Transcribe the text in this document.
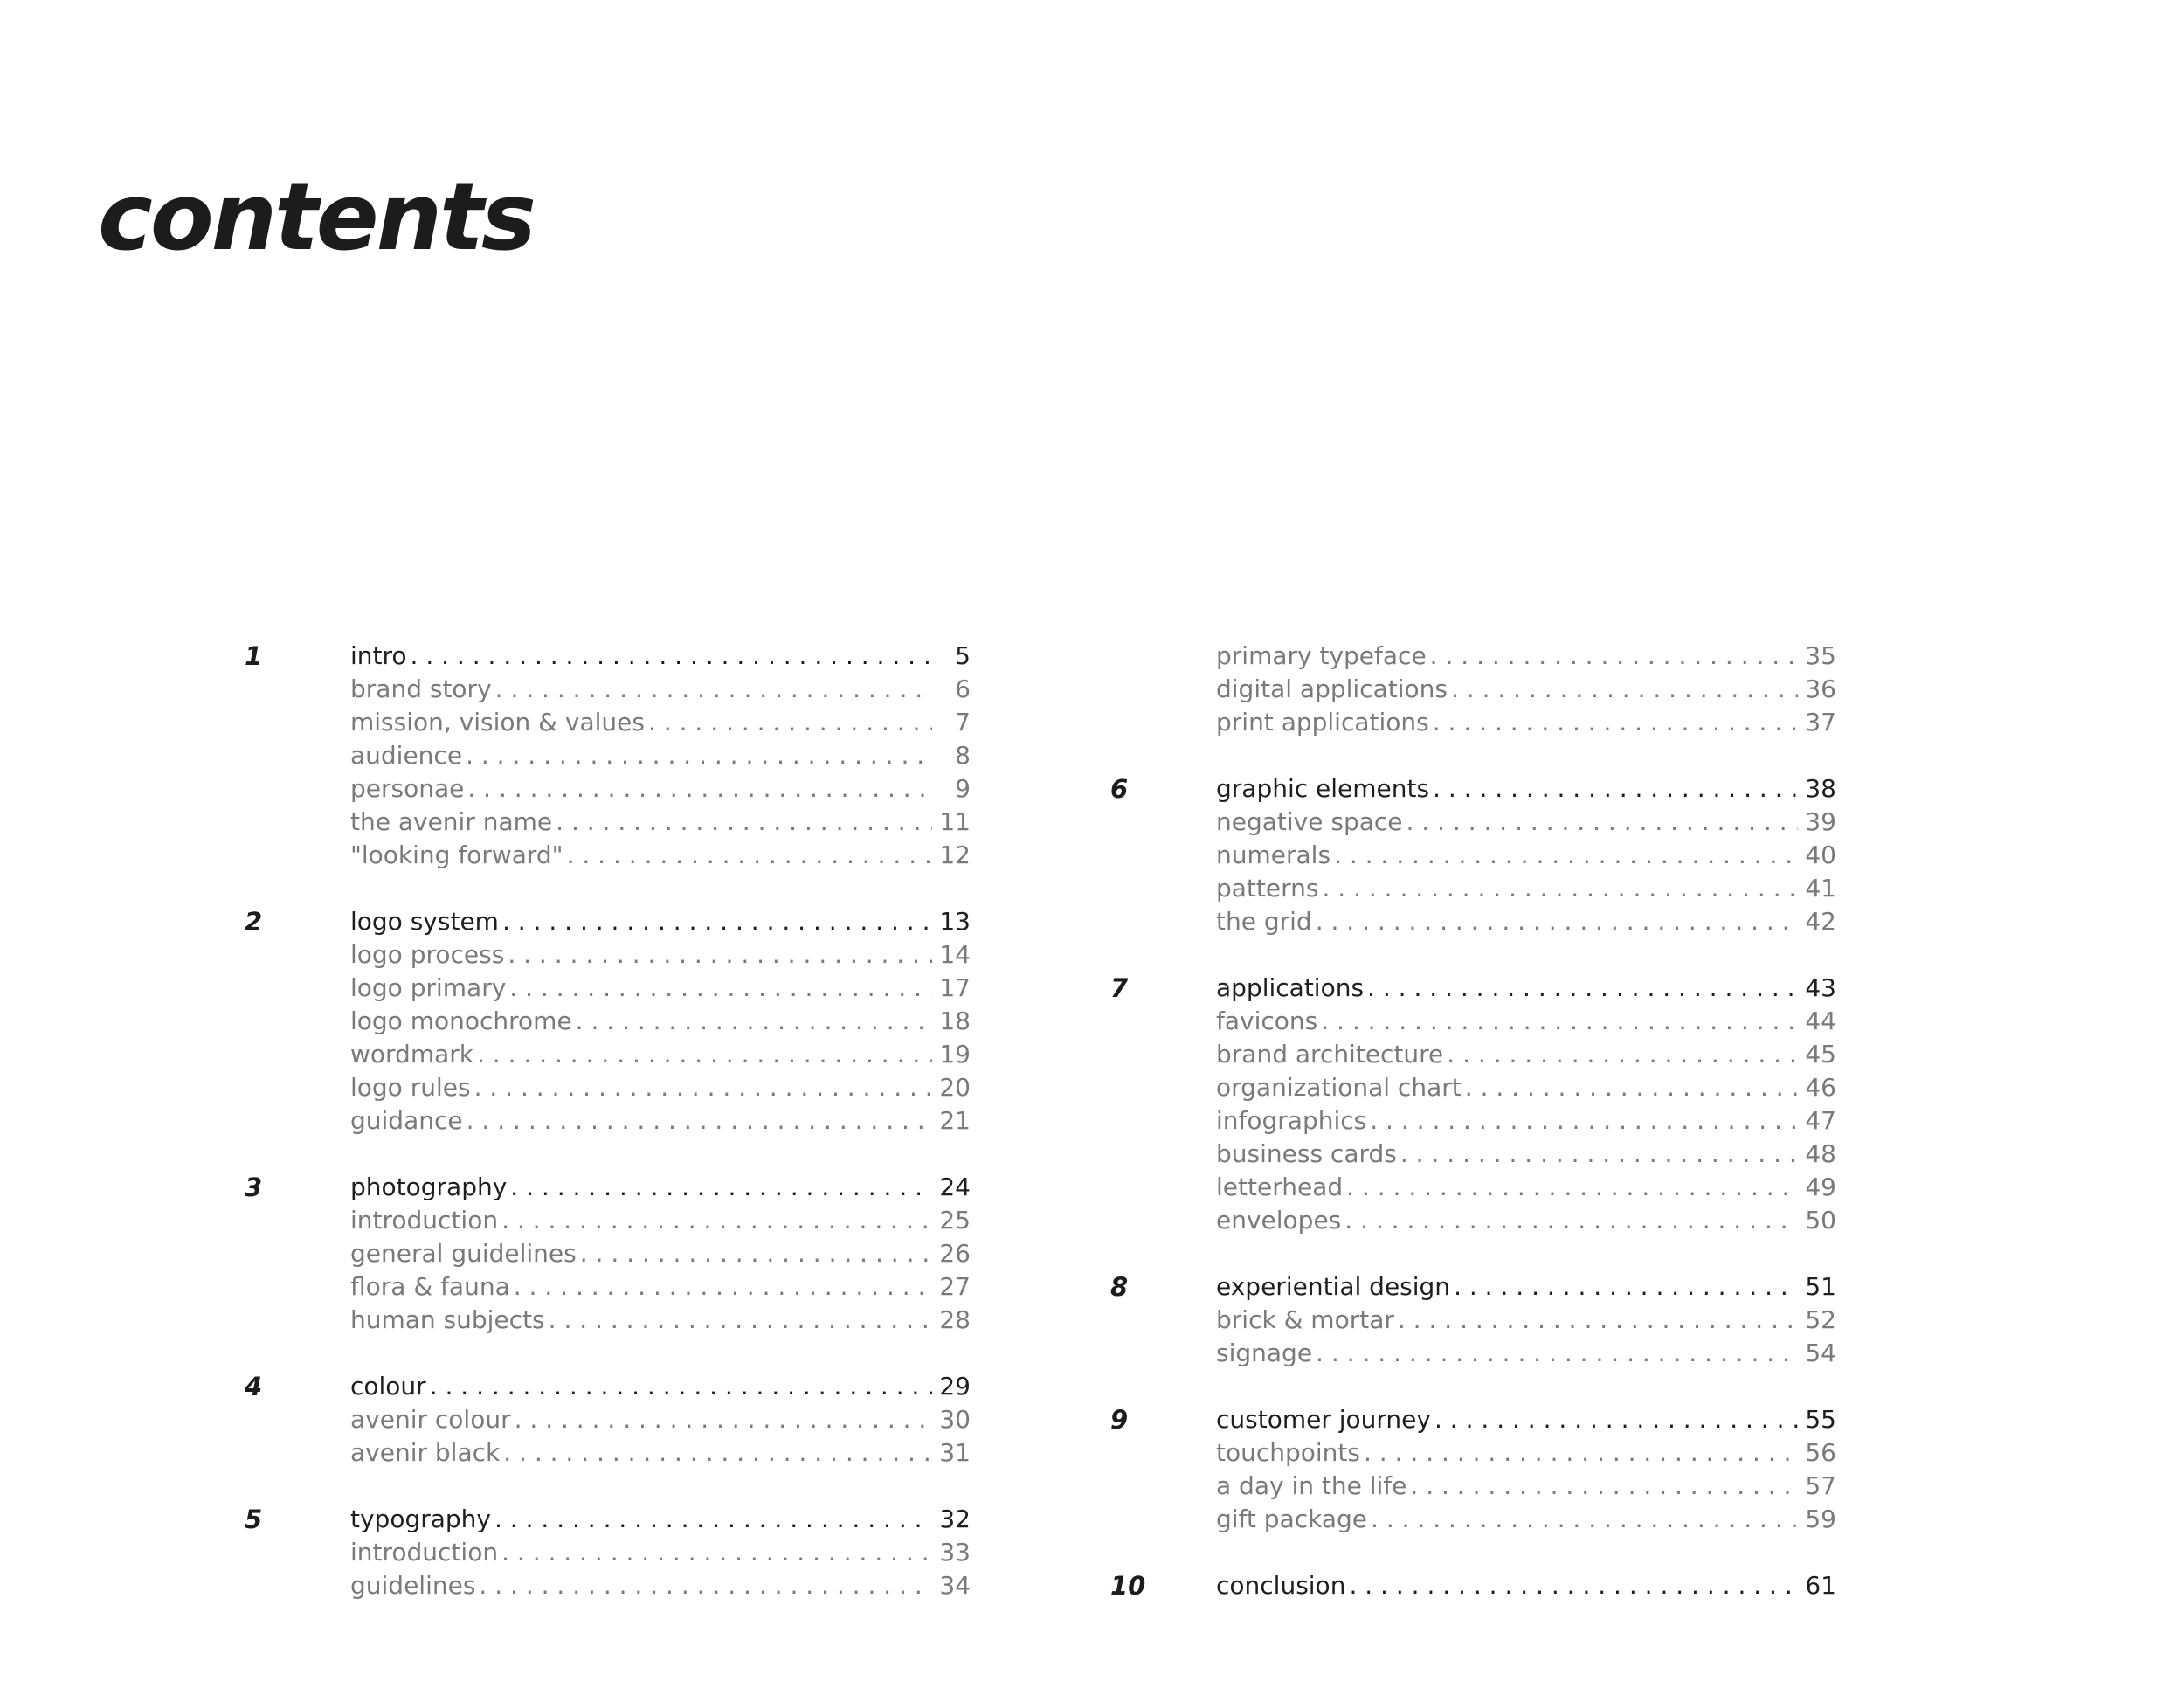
contents
1	intro . . .	5
brand story . . .	6
mission, vision & values . . .	7
audience . . .	8
personae . . .	9
the avenir name . . .	11
"looking forward" . . .	12
2	logo system . . .	13
logo process . . .	14
logo primary . . .	17
logo monochrome . . .	18
wordmark . . .	19
logo rules . . .	20
guidance . . .	21
3	photography . . .	24
introduction . . .	25
general guidelines . . .	26
flora & fauna . . .	27
human subjects . . .	28
4	colour . . .	29
avenir colour . . .	30
avenir black . . .	31
5	typography . . .	32
introduction . . .	33
guidelines . . .	34
primary typeface . . .	35
digital applications . . .	36
print applications . . .	37
6	graphic elements . . .	38
negative space . . .	39
numerals . . .	40
patterns . . .	41
the grid . . .	42
7	applications . . .	43
favicons . . .	44
brand architecture . . .	45
organizational chart . . .	46
infographics . . .	47
business cards . . .	48
letterhead . . .	49
envelopes . . .	50
8	experiential design . . .	51
brick & mortar . . .	52
signage . . .	54
9	customer journey . . .	55
touchpoints . . .	56
a day in the life . . .	57
gift package . . .	59
10	conclusion . . .	61
